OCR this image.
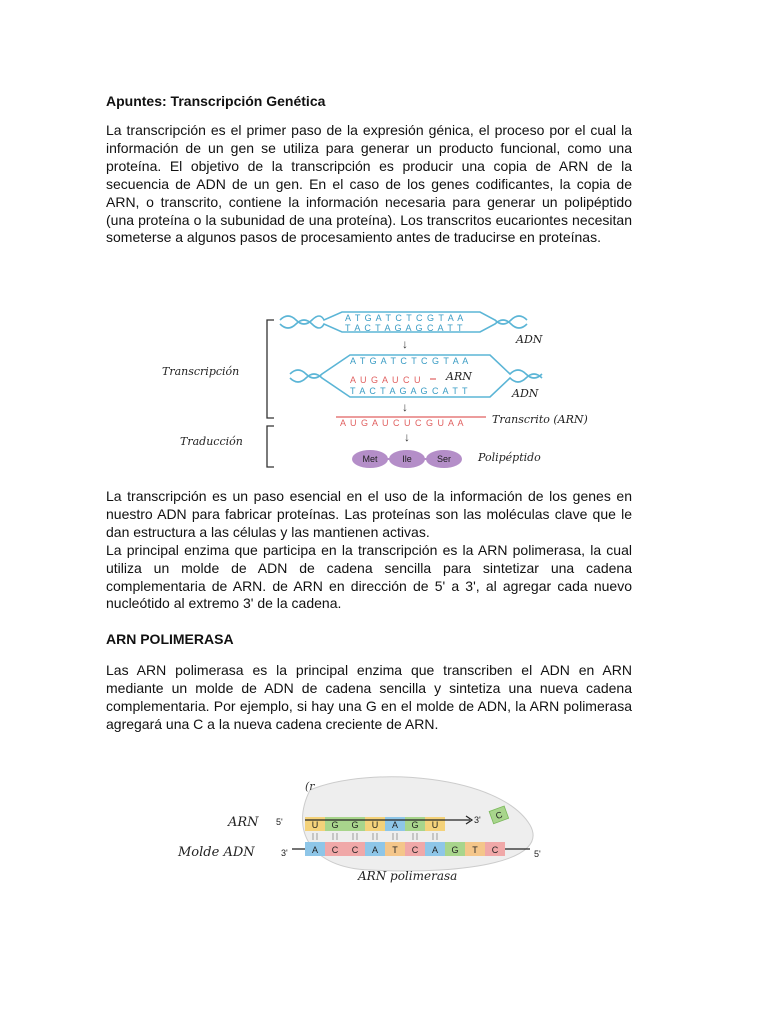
Apuntes: Transcripción Genética

La transcripción es el primer paso de la expresión génica, el proceso por el cual la información de un gen se utiliza para generar un producto funcional, como una proteína. El objetivo de la transcripción es producir una copia de ARN de la secuencia de ADN de un gen. En el caso de los genes codificantes, la copia de ARN, o transcrito, contiene la información necesaria para generar un polipéptido (una proteína o la subunidad de una proteína). Los transcritos eucariontes necesitan someterse a algunos pasos de procesamiento antes de traducirse en proteínas.

Transcripción
Traducción
A T G A T C T C G T A A
T A C T A G A G C A T T
ADN
↓
A T G A T C T C G T A A
A U G A U C U
T A C T A G A G C A T T
ARN
ADN
↓
A U G A U C U C G U A A Transcrito (ARN)
↓
Met	Ile	Ser Polipéptido

La transcripción es un paso esencial en el uso de la información de los genes en nuestro ADN para fabricar proteínas. Las proteínas son las moléculas clave que le dan estructura a las células y las mantienen activas.
La principal enzima que participa en la transcripción es la ARN polimerasa, la cual utiliza un molde de ADN de cadena sencilla para sintetizar una cadena complementaria de ARN. de ARN en dirección de 5' a 3', al agregar cada nuevo nucleótido al extremo 3' de la cadena.

ARN POLIMERASA

Las ARN polimerasa es la principal enzima que transcriben el ADN en ARN mediante un molde de ADN de cadena sencilla y sintetiza una nueva cadena complementaria. Por ejemplo, si hay una G en el molde de ADN, la ARN polimerasa agregará una C a la nueva cadena creciente de ARN.

(r
ARN 5'
Molde ADN	3'
U G G U A G U	3' C
A C C A T C A G T C	5'
ARN polimerasa
